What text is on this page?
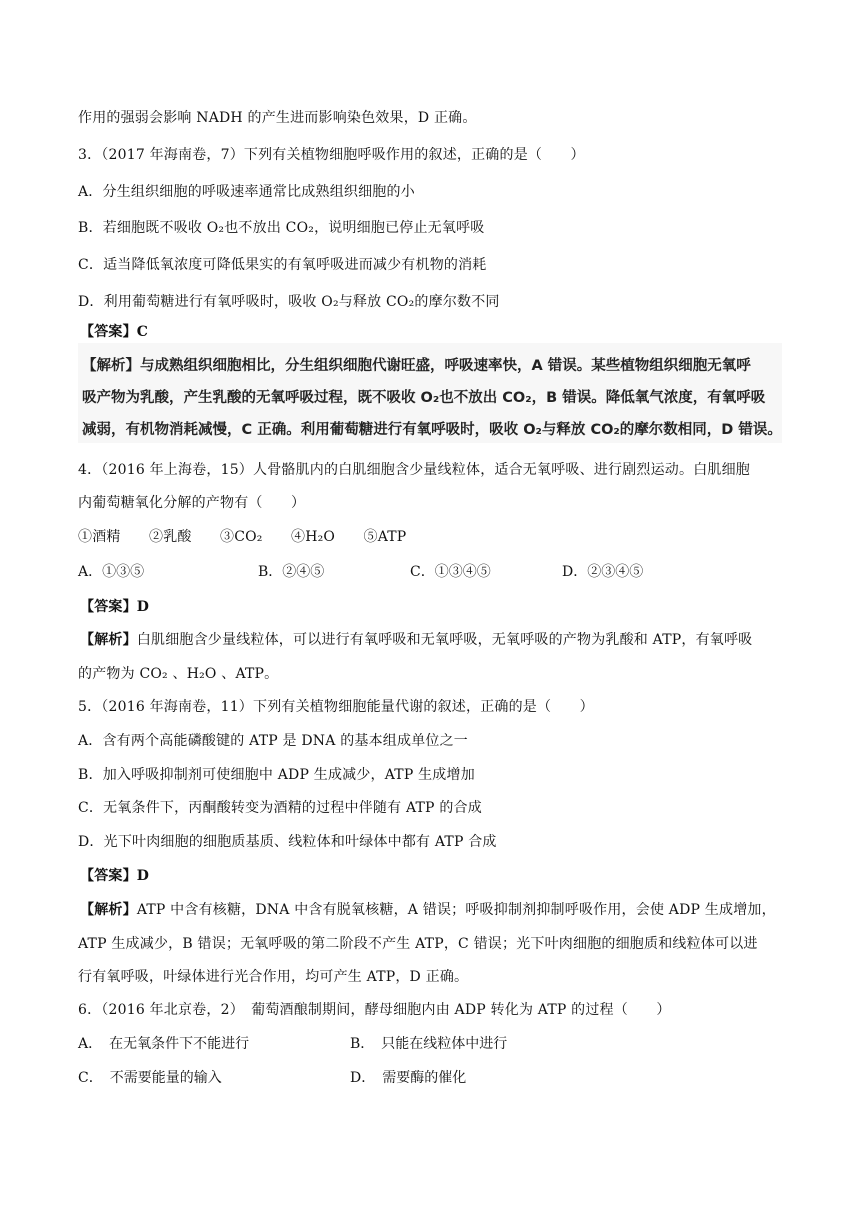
作用的强弱会影响 NADH 的产生进而影响染色效果，D 正确。
3．（2017 年海南卷，7）下列有关植物细胞呼吸作用的叙述，正确的是（　　）
A．分生组织细胞的呼吸速率通常比成熟组织细胞的小
B．若细胞既不吸收 O₂也不放出 CO₂，说明细胞已停止无氧呼吸
C．适当降低氧浓度可降低果实的有氧呼吸进而减少有机物的消耗
D．利用葡萄糖进行有氧呼吸时，吸收 O₂与释放 CO₂的摩尔数不同
【答案】C
【解析】与成熟组织细胞相比，分生组织细胞代谢旺盛，呼吸速率快，A 错误。某些植物组织细胞无氧呼
吸产物为乳酸，产生乳酸的无氧呼吸过程，既不吸收 O₂也不放出 CO₂，B 错误。降低氧气浓度，有氧呼吸
减弱，有机物消耗减慢，C 正确。利用葡萄糖进行有氧呼吸时，吸收 O₂与释放 CO₂的摩尔数相同，D 错误。
4．（2016 年上海卷，15）人骨骼肌内的白肌细胞含少量线粒体，适合无氧呼吸、进行剧烈运动。白肌细胞
内葡萄糖氧化分解的产物有（　　）
①酒精　　②乳酸　　③CO₂　　④H₂O　　⑤ATP
A．①③⑤	B．②④⑤	C．①③④⑤	D．②③④⑤
【答案】D
【解析】白肌细胞含少量线粒体，可以进行有氧呼吸和无氧呼吸，无氧呼吸的产物为乳酸和 ATP，有氧呼吸
的产物为 CO₂ 、H₂O 、ATP。
5．（2016 年海南卷，11）下列有关植物细胞能量代谢的叙述，正确的是（　　）
A．含有两个高能磷酸键的 ATP 是 DNA 的基本组成单位之一
B．加入呼吸抑制剂可使细胞中 ADP 生成减少，ATP 生成增加
C．无氧条件下，丙酮酸转变为酒精的过程中伴随有 ATP 的合成
D．光下叶肉细胞的细胞质基质、线粒体和叶绿体中都有 ATP 合成
【答案】D
【解析】ATP 中含有核糖，DNA 中含有脱氧核糖，A 错误；呼吸抑制剂抑制呼吸作用，会使 ADP 生成增加，
ATP 生成减少，B 错误；无氧呼吸的第二阶段不产生 ATP，C 错误；光下叶肉细胞的细胞质和线粒体可以进
行有氧呼吸，叶绿体进行光合作用，均可产生 ATP，D 正确。
6．（2016 年北京卷，2）　葡萄酒酿制期间，酵母细胞内由 ADP 转化为 ATP 的过程（　　）
A．　在无氧条件下不能进行	B．　只能在线粒体中进行
C．　不需要能量的输入	D．　需要酶的催化
